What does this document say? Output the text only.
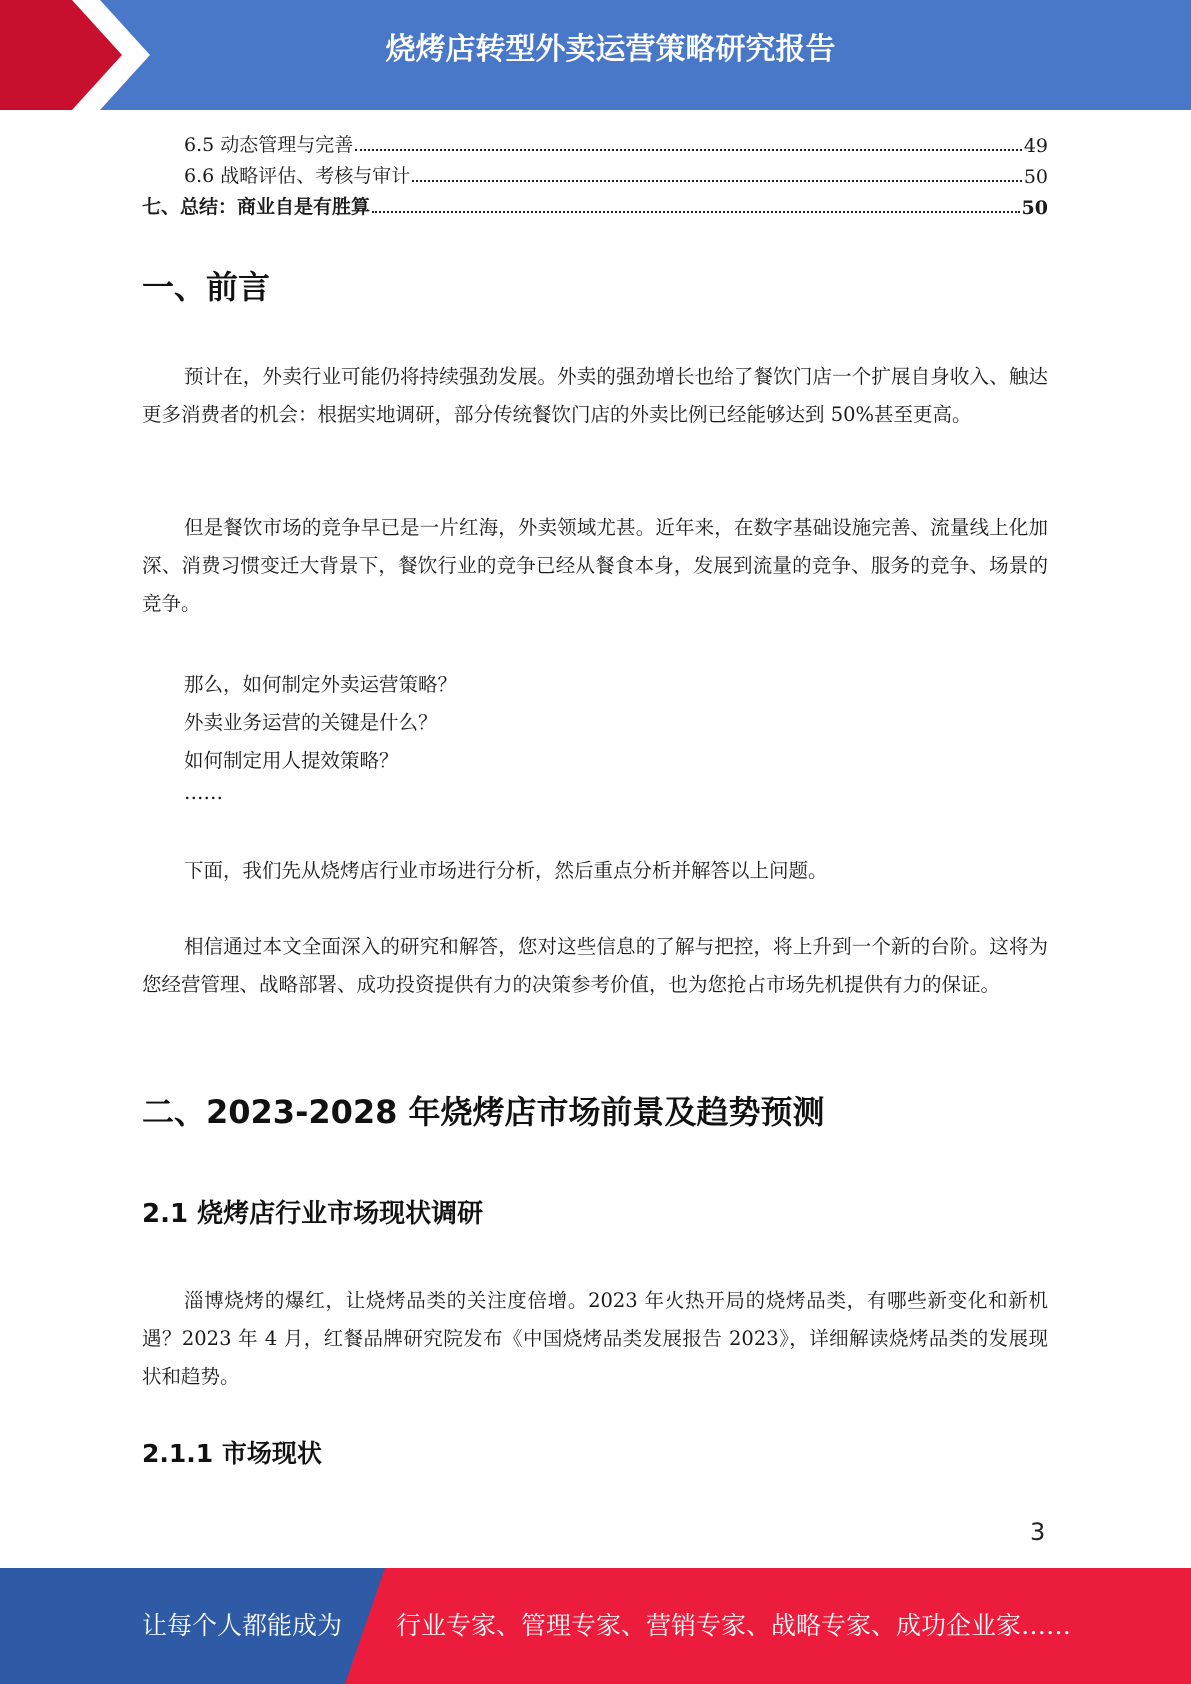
烧烤店转型外卖运营策略研究报告
6.5 动态管理与完善	49
6.6 战略评估、考核与审计	50
七、总结：商业自是有胜算	50
一、前言

预计在，外卖行业可能仍将持续强劲发展。外卖的强劲增长也给了餐饮门店一个扩展自身收入、触达更多消费者的机会：根据实地调研，部分传统餐饮门店的外卖比例已经能够达到 50%甚至更高。

但是餐饮市场的竞争早已是一片红海，外卖领域尤甚。近年来，在数字基础设施完善、流量线上化加深、消费习惯变迁大背景下，餐饮行业的竞争已经从餐食本身，发展到流量的竞争、服务的竞争、场景的竞争。

那么，如何制定外卖运营策略？
外卖业务运营的关键是什么？
如何制定用人提效策略？
……

下面，我们先从烧烤店行业市场进行分析，然后重点分析并解答以上问题。

相信通过本文全面深入的研究和解答，您对这些信息的了解与把控，将上升到一个新的台阶。这将为您经营管理、战略部署、成功投资提供有力的决策参考价值，也为您抢占市场先机提供有力的保证。

二、2023-2028 年烧烤店市场前景及趋势预测
2.1 烧烤店行业市场现状调研

淄博烧烤的爆红，让烧烤品类的关注度倍增。2023 年火热开局的烧烤品类，有哪些新变化和新机遇？2023 年 4 月，红餐品牌研究院发布《中国烧烤品类发展报告 2023》，详细解读烧烤品类的发展现状和趋势。

2.1.1 市场现状
3
让每个人都能成为 行业专家、管理专家、营销专家、战略专家、成功企业家……
